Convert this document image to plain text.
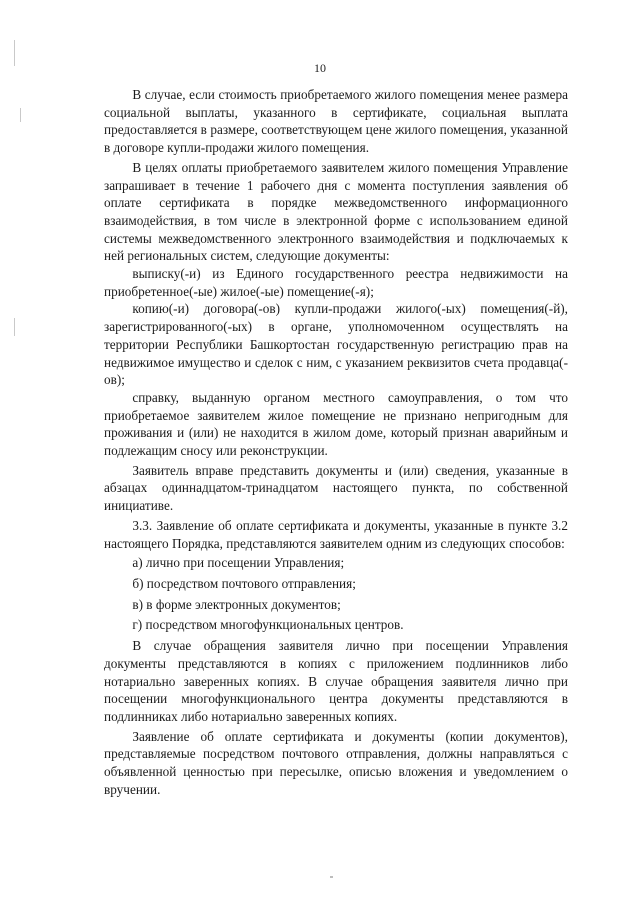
10

В случае, если стоимость приобретаемого жилого помещения менее размера социальной выплаты, указанного в сертификате, социальная выплата предоставляется в размере, соответствующем цене жилого помещения, указанной в договоре купли-продажи жилого помещения.

В целях оплаты приобретаемого заявителем жилого помещения Управление запрашивает в течение 1 рабочего дня с момента поступления заявления об оплате сертификата в порядке межведомственного информационного взаимодействия, в том числе в электронной форме с использованием единой системы межведомственного электронного взаимодействия и подключаемых к ней региональных систем, следующие документы:

выписку(-и) из Единого государственного реестра недвижимости на приобретенное(-ые) жилое(-ые) помещение(-я);

копию(-и) договора(-ов) купли-продажи жилого(-ых) помещения(-й), зарегистрированного(-ых) в органе, уполномоченном осуществлять на территории Республики Башкортостан государственную регистрацию прав на недвижимое имущество и сделок с ним, с указанием реквизитов счета продавца(-ов);

справку, выданную органом местного самоуправления, о том что приобретаемое заявителем жилое помещение не признано непригодным для проживания и (или) не находится в жилом доме, который признан аварийным и подлежащим сносу или реконструкции.

Заявитель вправе представить документы и (или) сведения, указанные в абзацах одиннадцатом-тринадцатом настоящего пункта, по собственной инициативе.

3.3. Заявление об оплате сертификата и документы, указанные в пункте 3.2 настоящего Порядка, представляются заявителем одним из следующих способов:

а) лично при посещении Управления;

б) посредством почтового отправления;

в) в форме электронных документов;

г) посредством многофункциональных центров.

В случае обращения заявителя лично при посещении Управления документы представляются в копиях с приложением подлинников либо нотариально заверенных копиях. В случае обращения заявителя лично при посещении многофункционального центра документы представляются в подлинниках либо нотариально заверенных копиях.

Заявление об оплате сертификата и документы (копии документов), представляемые посредством почтового отправления, должны направляться с объявленной ценностью при пересылке, описью вложения и уведомлением о вручении.
